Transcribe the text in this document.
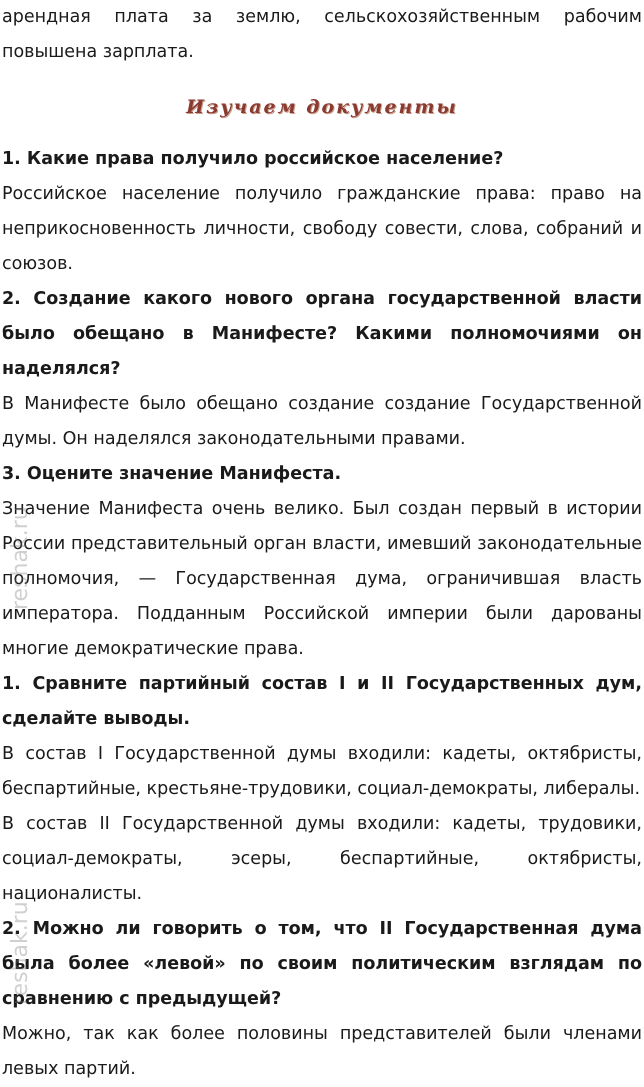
арендная плата за землю, сельскохозяйственным рабочим повышена зарплата.

Изучаем документы

1. Какие права получило российское население?

Российское население получило гражданские права: право на неприкосновенность личности, свободу совести, слова, собраний и союзов.

2. Создание какого нового органа государственной власти было обещано в Манифесте? Какими полномочиями он наделялся?

В Манифесте было обещано создание создание Государственной думы. Он наделялся законодательными правами.

3. Оцените значение Манифеста.

Значение Манифеста очень велико. Был создан первый в истории России представительный орган власти, имевший законодательные полномочия, — Государственная дума, ограничившая власть императора. Подданным Российской империи были дарованы многие демократические права.

1. Сравните партийный состав I и II Государственных дум, сделайте выводы.

В состав I Государственной думы входили: кадеты, октябристы, беспартийные, крестьяне-трудовики, социал-демократы, либералы.

В состав II Государственной думы входили: кадеты, трудовики, социал-демократы, эсеры, беспартийные, октябристы, националисты.

2. Можно ли говорить о том, что II Государственная дума была более «левой» по своим политическим взглядам по сравнению с предыдущей?

Можно, так как более половины представителей были членами левых партий.

reshak.ru
reshak.ru
